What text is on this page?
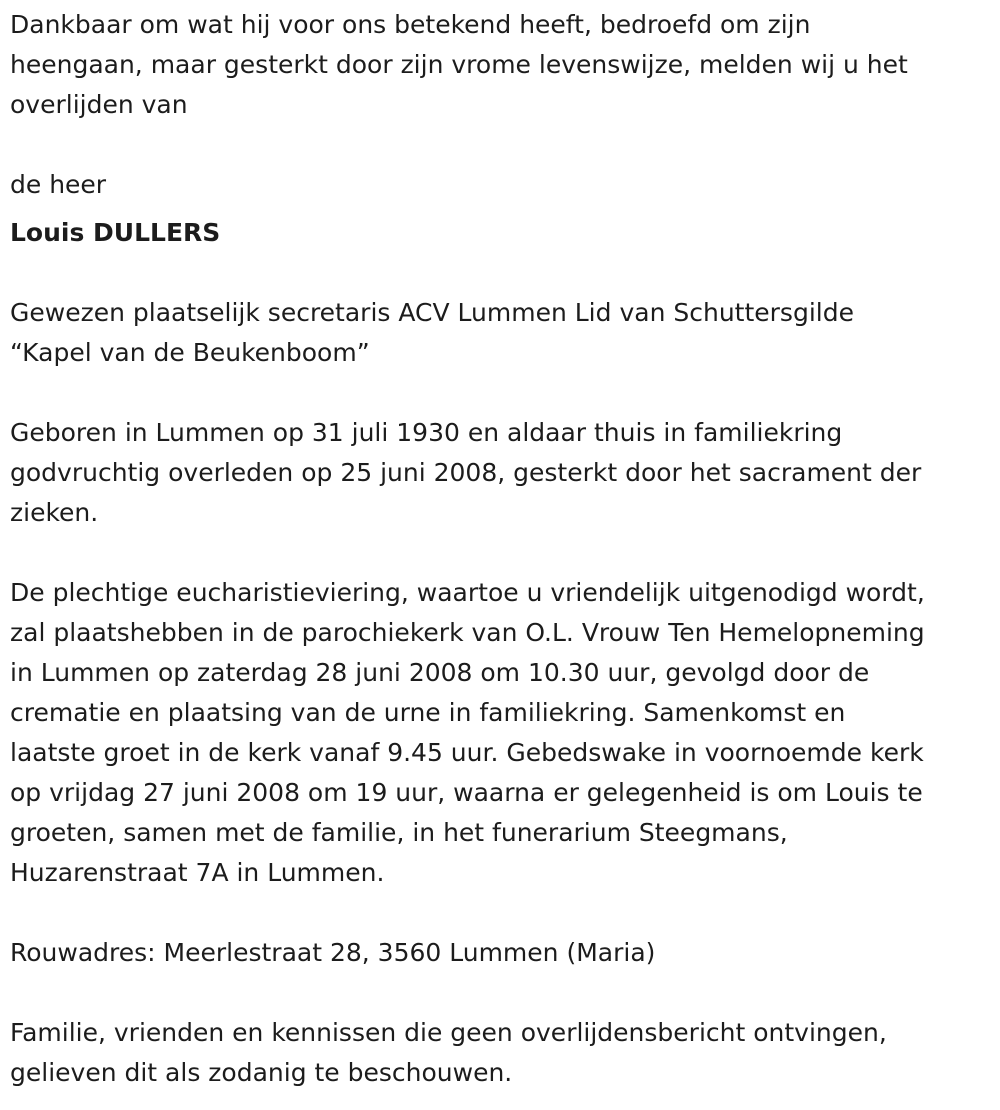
Dankbaar om wat hij voor ons betekend heeft, bedroefd om zijn

heengaan, maar gesterkt door zijn vrome levenswijze, melden wij u het

overlijden van

de heer

Louis DULLERS

Gewezen plaatselijk secretaris ACV Lummen Lid van Schuttersgilde

“Kapel van de Beukenboom”

Geboren in Lummen op 31 juli 1930 en aldaar thuis in familiekring

godvruchtig overleden op 25 juni 2008, gesterkt door het sacrament der

zieken.

De plechtige eucharistieviering, waartoe u vriendelijk uitgenodigd wordt,

zal plaatshebben in de parochiekerk van O.L. Vrouw Ten Hemelopneming

in Lummen op zaterdag 28 juni 2008 om 10.30 uur, gevolgd door de

crematie en plaatsing van de urne in familiekring. Samenkomst en

laatste groet in de kerk vanaf 9.45 uur. Gebedswake in voornoemde kerk

op vrijdag 27 juni 2008 om 19 uur, waarna er gelegenheid is om Louis te

groeten, samen met de familie, in het funerarium Steegmans,

Huzarenstraat 7A in Lummen.

Rouwadres: Meerlestraat 28, 3560 Lummen (Maria)

Familie, vrienden en kennissen die geen overlijdensbericht ontvingen,

gelieven dit als zodanig te beschouwen.
